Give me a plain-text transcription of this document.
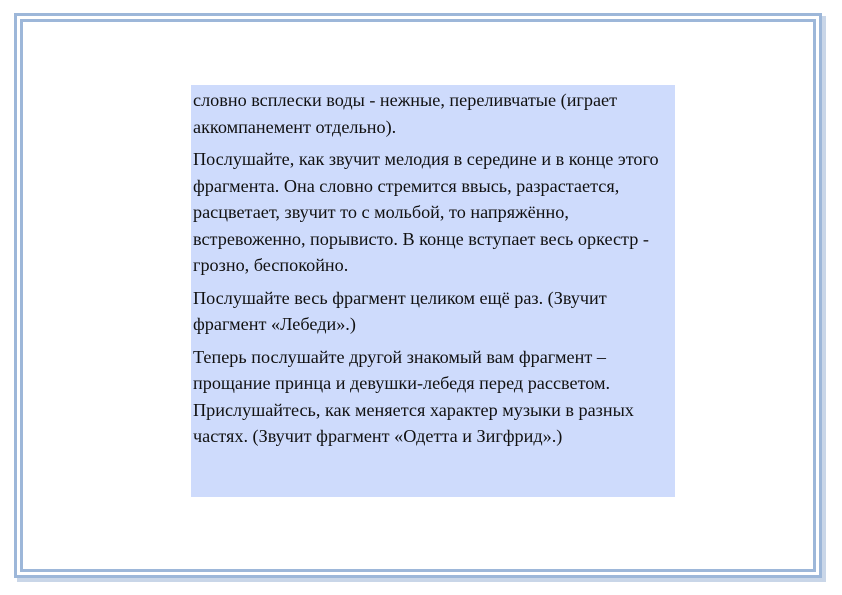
словно всплески воды - нежные, переливчатые (играет аккомпанемент отдельно).

Послушайте, как звучит мелодия в середине и в конце этого фрагмента. Она словно стремится ввысь, разрастается, расцветает, звучит то с мольбой, то напряжённо, встревоженно, порывисто. В конце вступает весь оркестр - грозно, беспокойно.

Послушайте весь фрагмент целиком ещё раз. (Звучит фрагмент «Лебеди».)

Теперь послушайте другой знакомый вам фрагмент – прощание принца и девушки-лебедя перед рассветом. Прислушайтесь, как меняется характер музыки в разных частях. (Звучит фрагмент «Одетта и Зигфрид».)
